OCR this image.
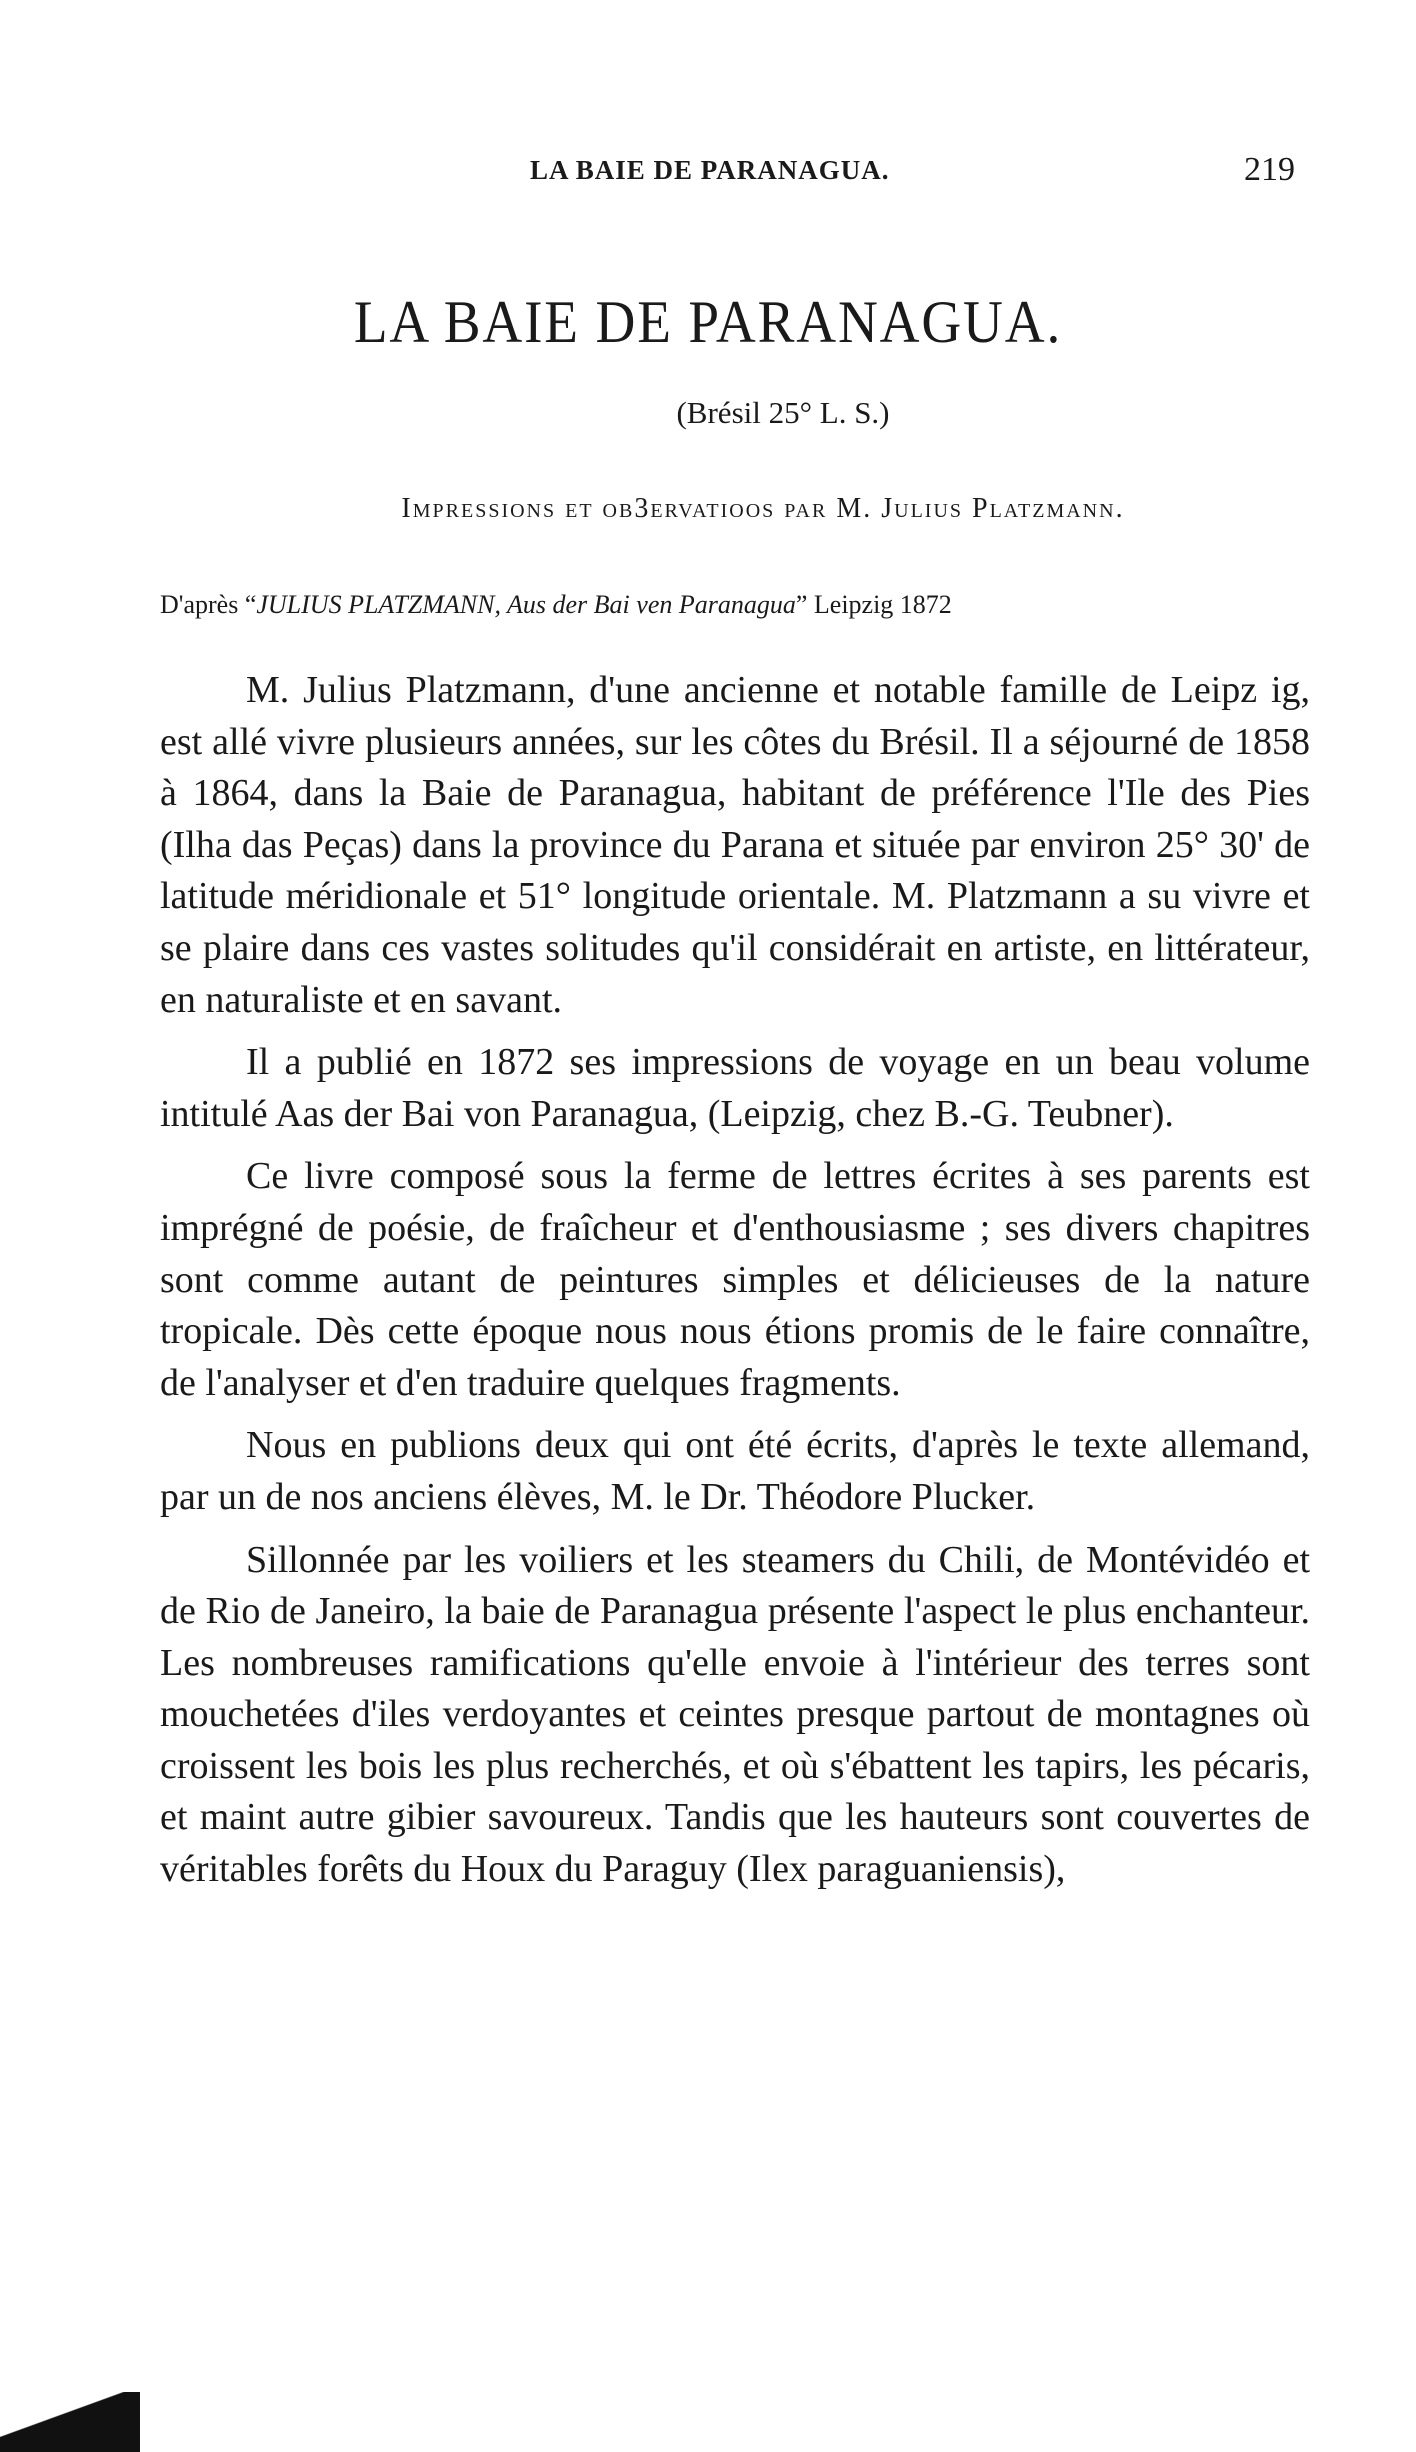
LA BAIE DE PARANAGUA.	219
LA BAIE DE PARANAGUA.
(Brésil 25° L. S.)
Impressions et ob3ervatioos par M. Julius Platzmann.
D'après “JULIUS PLATZMANN, Aus der Bai ven Paranagua” Leipzig 1872

M. Julius Platzmann, d'une ancienne et notable famille de Leipz ig, est allé vivre plusieurs années, sur les côtes du Brésil. Il a séjourné de 1858 à 1864, dans la Baie de Paranagua, habitant de préférence l'Ile des Pies (Ilha das Peças) dans la province du Parana et située par environ 25° 30' de latitude méridionale et 51° longitude orientale. M. Platzmann a su vivre et se plaire dans ces vastes solitudes qu'il considérait en artiste, en littérateur, en naturaliste et en savant.

Il a publié en 1872 ses impressions de voyage en un beau volume intitulé Aas der Bai von Paranagua, (Leipzig, chez B.-G. Teubner).

Ce livre composé sous la ferme de lettres écrites à ses parents est imprégné de poésie, de fraîcheur et d'enthousiasme ; ses divers chapitres sont comme autant de peintures simples et délicieuses de la nature tropicale. Dès cette époque nous nous étions promis de le faire connaître, de l'analyser et d'en traduire quelques fragments.

Nous en publions deux qui ont été écrits, d'après le texte allemand, par un de nos anciens élèves, M. le Dr. Théodore Plucker.

Sillonnée par les voiliers et les steamers du Chili, de Montévidéo et de Rio de Janeiro, la baie de Paranagua présente l'aspect le plus enchanteur. Les nombreuses ramifications qu'elle envoie à l'intérieur des terres sont mouchetées d'iles verdoyantes et ceintes presque partout de montagnes où croissent les bois les plus recherchés, et où s'ébattent les tapirs, les pécaris, et maint autre gibier savoureux. Tandis que les hauteurs sont couvertes de véritables forêts du Houx du Paraguy (Ilex paraguaniensis),
